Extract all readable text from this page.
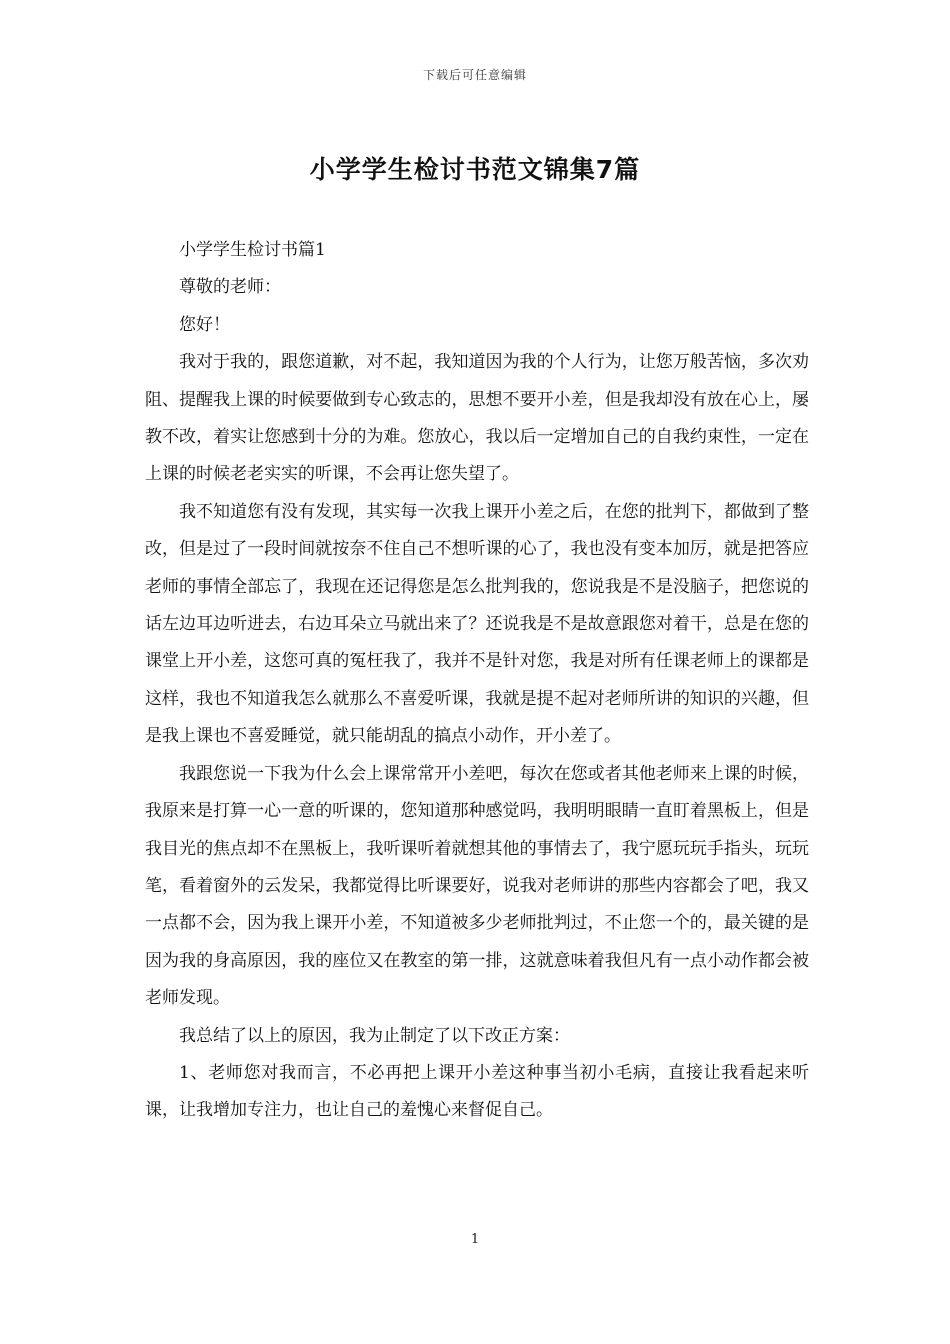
下载后可任意编辑
小学学生检讨书范文锦集7篇

小学学生检讨书篇1

尊敬的老师：

您好！

我对于我的，跟您道歉，对不起，我知道因为我的个人行为，让您万般苦恼，多次劝阻、提醒我上课的时候要做到专心致志的，思想不要开小差，但是我却没有放在心上，屡教不改，着实让您感到十分的为难。您放心，我以后一定增加自己的自我约束性，一定在上课的时候老老实实的听课，不会再让您失望了。

我不知道您有没有发现，其实每一次我上课开小差之后，在您的批判下，都做到了整改，但是过了一段时间就按奈不住自己不想听课的心了，我也没有变本加厉，就是把答应老师的事情全部忘了，我现在还记得您是怎么批判我的，您说我是不是没脑子，把您说的话左边耳边听进去，右边耳朵立马就出来了？还说我是不是故意跟您对着干，总是在您的课堂上开小差，这您可真的冤枉我了，我并不是针对您，我是对所有任课老师上的课都是这样，我也不知道我怎么就那么不喜爱听课，我就是提不起对老师所讲的知识的兴趣，但是我上课也不喜爱睡觉，就只能胡乱的搞点小动作，开小差了。

我跟您说一下我为什么会上课常常开小差吧，每次在您或者其他老师来上课的时候，我原来是打算一心一意的听课的，您知道那种感觉吗，我明明眼睛一直盯着黑板上，但是我目光的焦点却不在黑板上，我听课听着就想其他的事情去了，我宁愿玩玩手指头，玩玩笔，看着窗外的云发呆，我都觉得比听课要好，说我对老师讲的那些内容都会了吧，我又一点都不会，因为我上课开小差，不知道被多少老师批判过，不止您一个的，最关键的是因为我的身高原因，我的座位又在教室的第一排，这就意味着我但凡有一点小动作都会被老师发现。

我总结了以上的原因，我为止制定了以下改正方案：

1、老师您对我而言，不必再把上课开小差这种事当初小毛病，直接让我看起来听课，让我增加专注力，也让自己的羞愧心来督促自己。

1
